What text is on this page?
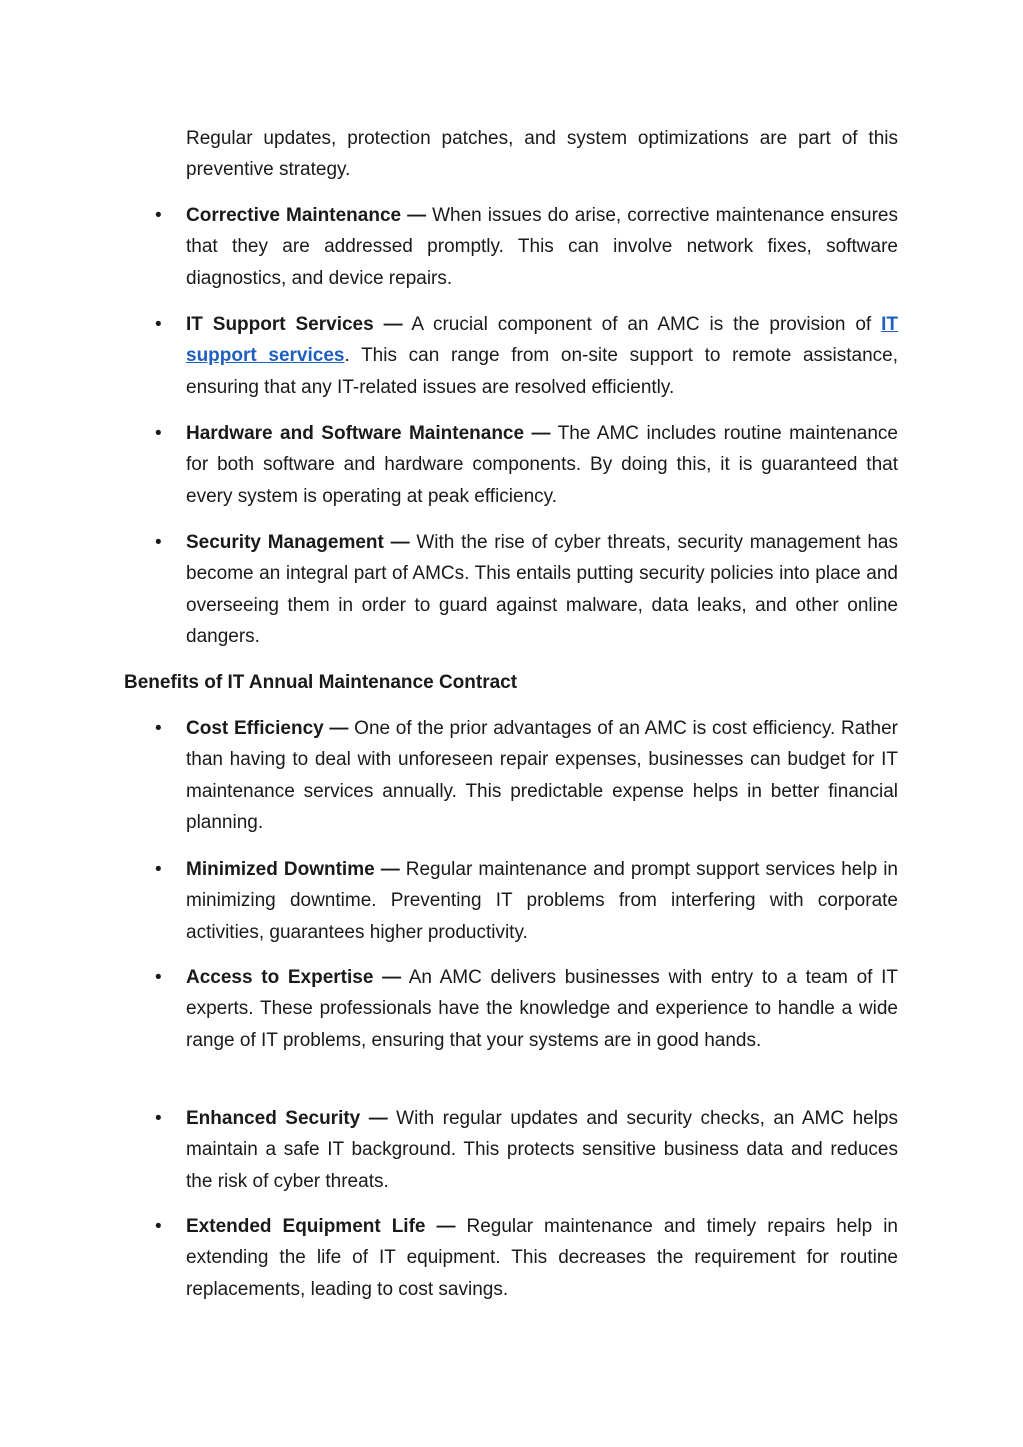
Regular updates, protection patches, and system optimizations are part of this preventive strategy.

• Corrective Maintenance — When issues do arise, corrective maintenance ensures that they are addressed promptly. This can involve network fixes, software diagnostics, and device repairs.

• IT Support Services — A crucial component of an AMC is the provision of IT support services. This can range from on-site support to remote assistance, ensuring that any IT-related issues are resolved efficiently.

• Hardware and Software Maintenance — The AMC includes routine maintenance for both software and hardware components. By doing this, it is guaranteed that every system is operating at peak efficiency.

• Security Management — With the rise of cyber threats, security management has become an integral part of AMCs. This entails putting security policies into place and overseeing them in order to guard against malware, data leaks, and other online dangers.

Benefits of IT Annual Maintenance Contract

• Cost Efficiency — One of the prior advantages of an AMC is cost efficiency. Rather than having to deal with unforeseen repair expenses, businesses can budget for IT maintenance services annually. This predictable expense helps in better financial planning.

• Minimized Downtime — Regular maintenance and prompt support services help in minimizing downtime. Preventing IT problems from interfering with corporate activities, guarantees higher productivity.

• Access to Expertise — An AMC delivers businesses with entry to a team of IT experts. These professionals have the knowledge and experience to handle a wide range of IT problems, ensuring that your systems are in good hands.

• Enhanced Security — With regular updates and security checks, an AMC helps maintain a safe IT background. This protects sensitive business data and reduces the risk of cyber threats.

• Extended Equipment Life — Regular maintenance and timely repairs help in extending the life of IT equipment. This decreases the requirement for routine replacements, leading to cost savings.
